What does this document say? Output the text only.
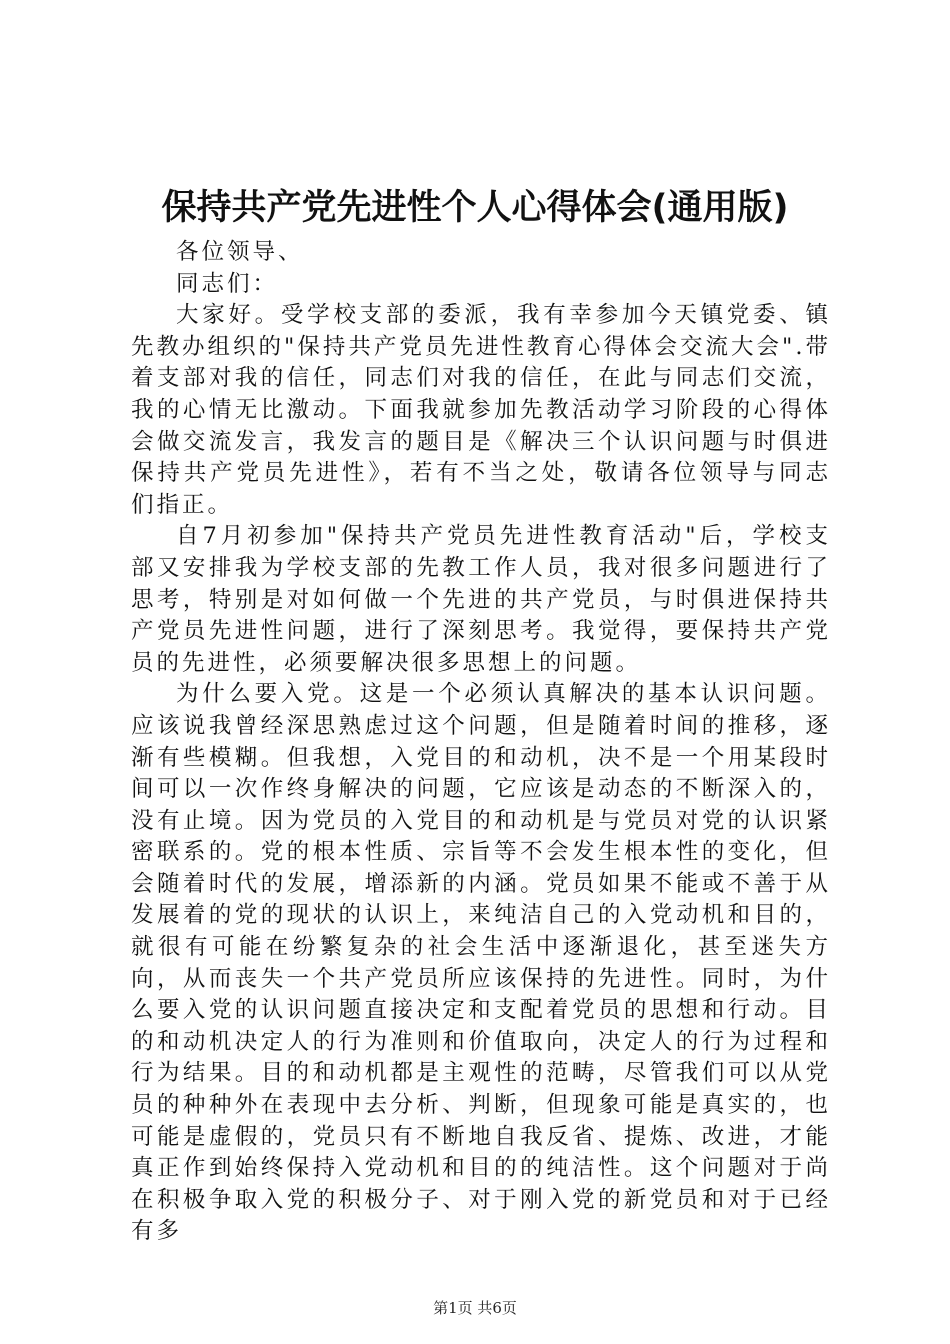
保持共产党先进性个人心得体会(通用版)

各位领导、

同志们：

大家好。受学校支部的委派，我有幸参加今天镇党委、镇先教办组织的"保持共产党员先进性教育心得体会交流大会".带着支部对我的信任，同志们对我的信任，在此与同志们交流，我的心情无比激动。下面我就参加先教活动学习阶段的心得体会做交流发言，我发言的题目是《解决三个认识问题与时俱进保持共产党员先进性》，若有不当之处，敬请各位领导与同志们指正。

自7月初参加"保持共产党员先进性教育活动"后，学校支部又安排我为学校支部的先教工作人员，我对很多问题进行了思考，特别是对如何做一个先进的共产党员，与时俱进保持共产党员先进性问题，进行了深刻思考。我觉得，要保持共产党员的先进性，必须要解决很多思想上的问题。

为什么要入党。这是一个必须认真解决的基本认识问题。应该说我曾经深思熟虑过这个问题，但是随着时间的推移，逐渐有些模糊。但我想，入党目的和动机，决不是一个用某段时间可以一次作终身解决的问题，它应该是动态的不断深入的，没有止境。因为党员的入党目的和动机是与党员对党的认识紧密联系的。党的根本性质、宗旨等不会发生根本性的变化，但会随着时代的发展，增添新的内涵。党员如果不能或不善于从发展着的党的现状的认识上，来纯洁自己的入党动机和目的，就很有可能在纷繁复杂的社会生活中逐渐退化，甚至迷失方向，从而丧失一个共产党员所应该保持的先进性。同时，为什么要入党的认识问题直接决定和支配着党员的思想和行动。目的和动机决定人的行为准则和价值取向，决定人的行为过程和行为结果。目的和动机都是主观性的范畴，尽管我们可以从党员的种种外在表现中去分析、判断，但现象可能是真实的，也可能是虚假的，党员只有不断地自我反省、提炼、改进，才能真正作到始终保持入党动机和目的的纯洁性。这个问题对于尚在积极争取入党的积极分子、对于刚入党的新党员和对于已经有多

第1页 共6页
